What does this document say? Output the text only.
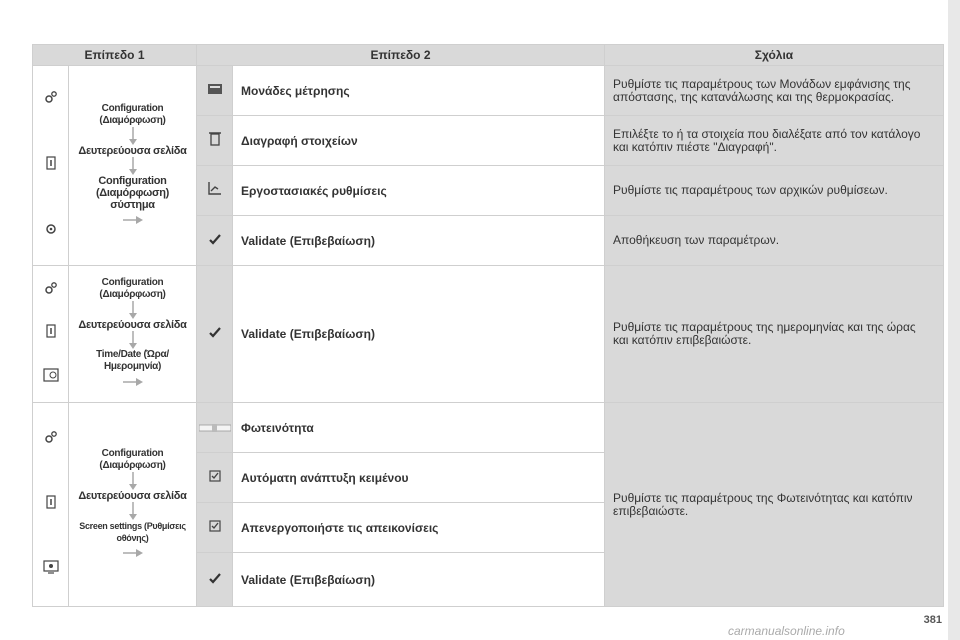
Επίπεδο 1		Επίπεδο 2		Σχόλια

Configuration (Διαμόρφωση)
Δευτερεύουσα σελίδα
Configuration (Διαμόρφωση) σύστημα		Μονάδες μέτρησης	Ρυθμίστε τις παραμέτρους των Μονάδων εμφάνισης της απόστασης, της κατανάλωσης και της θερμοκρασίας.

Διαγραφή στοιχείων	Επιλέξτε το ή τα στοιχεία που διαλέξατε από τον κατάλογο και κατόπιν πιέστε "Διαγραφή".

Εργοστασιακές ρυθμίσεις	Ρυθμίστε τις παραμέτρους των αρχικών ρυθμίσεων.

Validate (Επιβεβαίωση)	Αποθήκευση των παραμέτρων.

Configuration (Διαμόρφωση)
Δευτερεύουσα σελίδα
Time/Date (Ώρα/Ημερομηνία)		Validate (Επιβεβαίωση)	Ρυθμίστε τις παραμέτρους της ημερομηνίας και της ώρας και κατόπιν επιβεβαιώστε.

Configuration (Διαμόρφωση)
Δευτερεύουσα σελίδα
Screen settings (Ρυθμίσεις οθόνης)		Φωτεινότητα	Ρυθμίστε τις παραμέτρους της Φωτεινότητας και κατόπιν επιβεβαιώστε.

Αυτόματη ανάπτυξη κειμένου	

Απενεργοποιήστε τις απεικονίσεις	

Validate (Επιβεβαίωση)	
carmanualsonline.info
381
